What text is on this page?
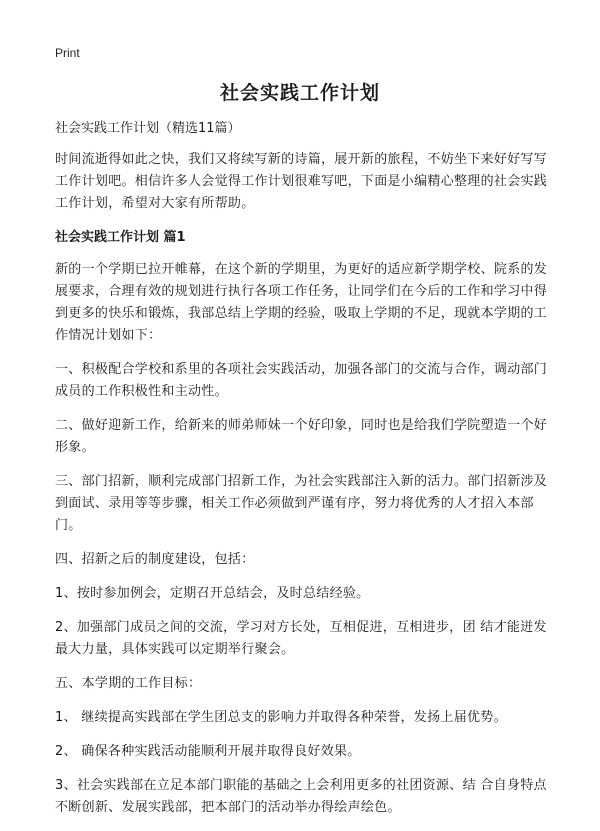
Print
社会实践工作计划

社会实践工作计划（精选11篇）

时间流逝得如此之快，我们又将续写新的诗篇，展开新的旅程，不妨坐下来好好写写工作计划吧。相信许多人会觉得工作计划很难写吧，下面是小编精心整理的社会实践工作计划，希望对大家有所帮助。

社会实践工作计划 篇1

新的一个学期已拉开帷幕，在这个新的学期里，为更好的适应新学期学校、院系的发展要求，合理有效的规划进行执行各项工作任务，让同学们在今后的工作和学习中得到更多的快乐和锻炼，我部总结上学期的经验，吸取上学期的不足，现就本学期的工作情况计划如下：

一、积极配合学校和系里的各项社会实践活动，加强各部门的交流与合作，调动部门成员的工作积极性和主动性。

二、做好迎新工作，给新来的师弟师妹一个好印象，同时也是给我们学院塑造一个好形象。

三、部门招新，顺利完成部门招新工作，为社会实践部注入新的活力。部门招新涉及到面试、录用等等步骤，相关工作必须做到严谨有序，努力将优秀的人才招入本部门。

四、招新之后的制度建设，包括：

1、按时参加例会，定期召开总结会，及时总结经验。

2、加强部门成员之间的交流，学习对方长处，互相促进，互相进步，团 结才能迸发最大力量，具体实践可以定期举行聚会。

五、本学期的工作目标：

1、 继续提高实践部在学生团总支的影响力并取得各种荣誉，发扬上届优势。

2、 确保各种实践活动能顺利开展并取得良好效果。

3、社会实践部在立足本部门职能的基础之上会利用更多的社团资源、结 合自身特点不断创新、发展实践部，把本部门的活动举办得绘声绘色。
